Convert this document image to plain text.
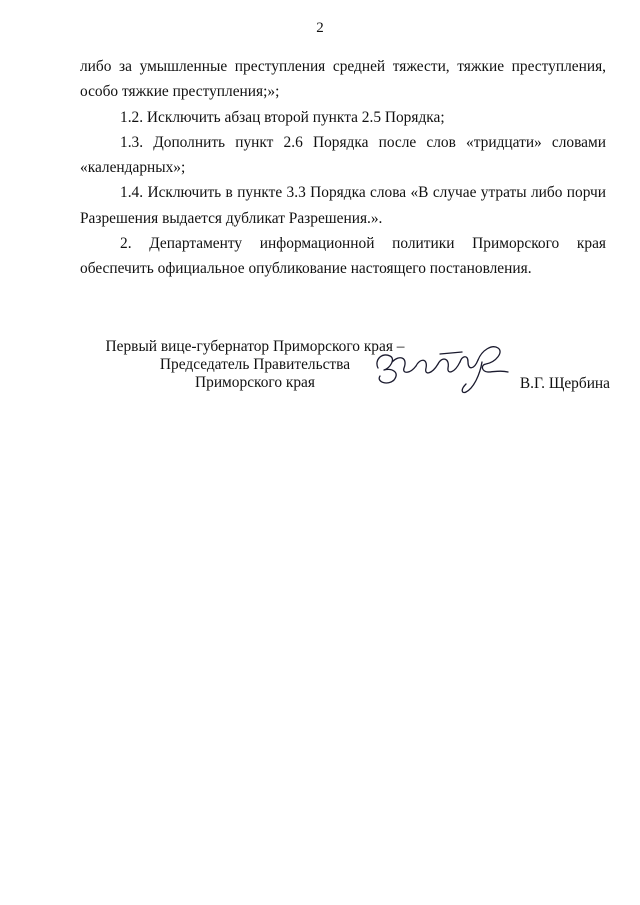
2

либо за умышленные преступления средней тяжести, тяжкие преступления, особо тяжкие преступления;»;

1.2. Исключить абзац второй пункта 2.5 Порядка;

1.3. Дополнить пункт 2.6 Порядка после слов «тридцати» словами «календарных»;

1.4. Исключить в пункте 3.3 Порядка слова «В случае утраты либо порчи Разрешения выдается дубликат Разрешения.».

2. Департаменту информационной политики Приморского края обеспечить официальное опубликование настоящего постановления.

Первый вице-губернатор Приморского края –
Председатель Правительства
Приморского края	В.Г. Щербина
